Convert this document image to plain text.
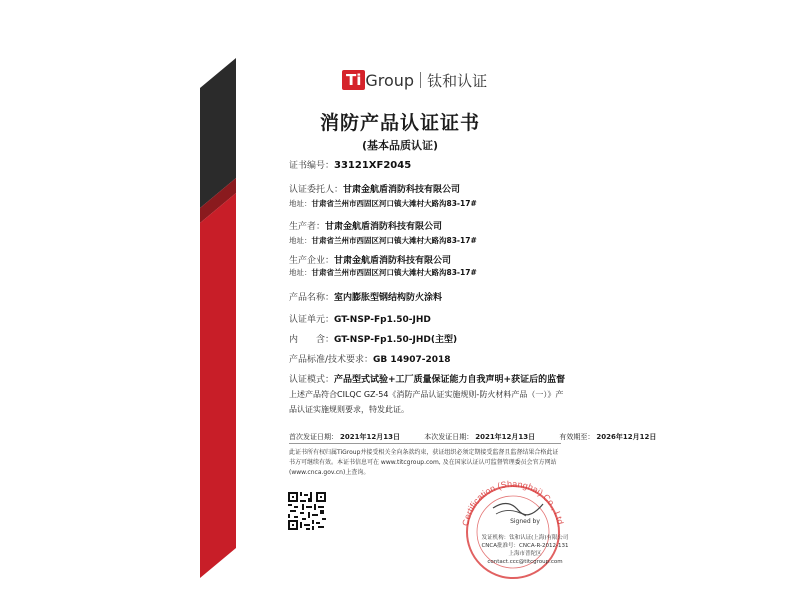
Ti Group 钛和认证
消防产品认证证书
(基本品质认证)
证书编号：33121XF2045
认证委托人：甘肃金航盾消防科技有限公司
地址：甘肃省兰州市西固区河口镇大滩村大路沟83-17#
生产者：甘肃金航盾消防科技有限公司
地址：甘肃省兰州市西固区河口镇大滩村大路沟83-17#
生产企业：甘肃金航盾消防科技有限公司
地址：甘肃省兰州市西固区河口镇大滩村大路沟83-17#
产品名称：室内膨胀型钢结构防火涂料
认证单元：GT-NSP-Fp1.50-JHD
内　　含：GT-NSP-Fp1.50-JHD(主型)
产品标准/技术要求：GB 14907-2018
认证模式：产品型式试验+工厂质量保证能力自我声明+获证后的监督
上述产品符合CILQC GZ-54《消防产品认证实施规则-防火材料产品（一）》产品认证实施规则要求，特发此证。
首次发证日期： 2021年12月13日	本次发证日期： 2021年12月13日	有效期至： 2026年12月12日
此证书所有权归属TiGroup并接受相关全向条款约束，获证组织必须定期接受监督且监督结果合格此证书方可继续有效。本证书信息可在 www.titcgroup.com, 及在国家认证认可监督管理委员会官方网站(www.cnca.gov.cn)上查询。
Certification (Shanghai) Co., Ltd.
Signed by
发证机构：钛和认证(上海)有限公司
CNCA批准号：CNCA-R-2012-131
上海市普陀区
contact.ccc@titcgroup.com
